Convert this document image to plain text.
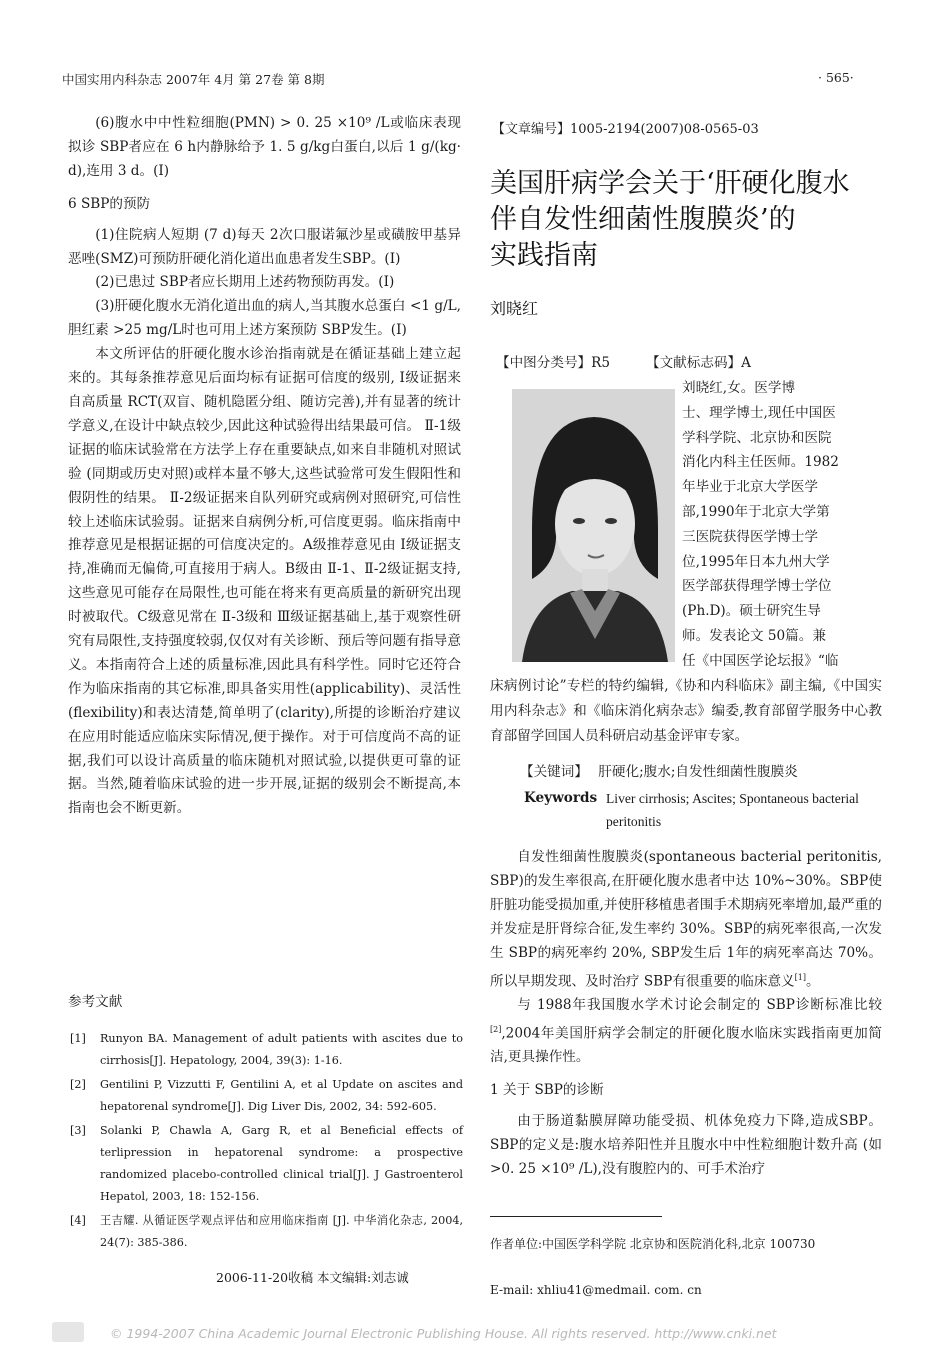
中国实用内科杂志 2007年 4月 第 27卷 第 8期	· 565·

(6)腹水中中性粒细胞(PMN) > 0. 25 ×10⁹ /L或临床表现拟诊 SBP者应在 6 h内静脉给予 1. 5 g/kg白蛋白,以后 1 g/(kg· d),连用 3 d。(Ⅰ)

6 SBP的预防

(1)住院病人短期 (7 d)每天 2次口服诺氟沙星或磺胺甲基异恶唑(SMZ)可预防肝硬化消化道出血患者发生SBP。(Ⅰ)

(2)已患过 SBP者应长期用上述药物预防再发。(Ⅰ)

(3)肝硬化腹水无消化道出血的病人,当其腹水总蛋白 <1 g/L,胆红素 >25 mg/L时也可用上述方案预防 SBP发生。(Ⅰ)

本文所评估的肝硬化腹水诊治指南就是在循证基础上建立起来的。其每条推荐意见后面均标有证据可信度的级别, Ⅰ级证据来自高质量 RCT(双盲、随机隐匿分组、随访完善),并有显著的统计学意义,在设计中缺点较少,因此这种试验得出结果最可信。 Ⅱ-1级证据的临床试验常在方法学上存在重要缺点,如来自非随机对照试验 (同期或历史对照)或样本量不够大,这些试验常可发生假阳性和假阴性的结果。 Ⅱ-2级证据来自队列研究或病例对照研究,可信性较上述临床试验弱。证据来自病例分析,可信度更弱。临床指南中推荐意见是根据证据的可信度决定的。A级推荐意见由 Ⅰ级证据支持,准确而无偏倚,可直接用于病人。B级由 Ⅱ-1、Ⅱ-2级证据支持,这些意见可能存在局限性,也可能在将来有更高质量的新研究出现时被取代。C级意见常在 Ⅱ-3级和 Ⅲ级证据基础上,基于观察性研究有局限性,支持强度较弱,仅仅对有关诊断、预后等问题有指导意义。本指南符合上述的质量标准,因此具有科学性。同时它还符合作为临床指南的其它标准,即具备实用性(applicability)、灵活性 (flexibility)和表达清楚,简单明了(clarity),所提的诊断治疗建议在应用时能适应临床实际情况,便于操作。对于可信度尚不高的证据,我们可以设计高质量的临床随机对照试验,以提供更可靠的证据。当然,随着临床试验的进一步开展,证据的级别会不断提高,本指南也会不断更新。

参考文献
[1] Runyon BA. Management of adult patients with ascites due to cirrhosis[J]. Hepatology, 2004, 39(3): 1-16.
[2] Gentilini P, Vizzutti F, Gentilini A, et al Update on ascites and hepatorenal syndrome[J]. Dig Liver Dis, 2002, 34: 592-605.
[3] Solanki P, Chawla A, Garg R, et al Beneficial effects of terlipression in hepatorenal syndrome: a prospective randomized placebo-controlled clinical trial[J]. J Gastroenterol Hepatol, 2003, 18: 152-156.
[4] 王吉耀. 从循证医学观点评估和应用临床指南 [J]. 中华消化杂志, 2004, 24(7): 385-386.
2006-11-20收稿 本文编辑:刘志诚
【文章编号】1005-2194(2007)08-0565-03
美国肝病学会关于‘肝硬化腹水
伴自发性细菌性腹膜炎’的
实践指南
刘晓红
【中图分类号】R5	【文献标志码】A
刘晓红,女。医学博
士、理学博士,现任中国医
学科学院、北京协和医院
消化内科主任医师。1982
年毕业于北京大学医学
部,1990年于北京大学第
三医院获得医学博士学
位,1995年日本九州大学
医学部获得理学博士学位
(Ph.D)。硕士研究生导
师。发表论文 50篇。兼
任《中国医学论坛报》“临
床病例讨论”专栏的特约编辑,《协和内科临床》副主编,《中国实用内科杂志》和《临床消化病杂志》编委,教育部留学服务中心教育部留学回国人员科研启动基金评审专家。
【关键词】 肝硬化;腹水;自发性细菌性腹膜炎
Keywords Liver cirrhosis; Ascites; Spontaneous bacterial peritonitis

自发性细菌性腹膜炎(spontaneous bacterial peritonitis, SBP)的发生率很高,在肝硬化腹水患者中达 10%~30%。SBP使肝脏功能受损加重,并使肝移植患者围手术期病死率增加,最严重的并发症是肝肾综合征,发生率约 30%。SBP的病死率很高,一次发生 SBP的病死率约 20%, SBP发生后 1年的病死率高达 70%。所以早期发现、及时治疗 SBP有很重要的临床意义[1]。

与 1988年我国腹水学术讨论会制定的 SBP诊断标准比较[2],2004年美国肝病学会制定的肝硬化腹水临床实践指南更加简洁,更具操作性。

1 关于 SBP的诊断

由于肠道黏膜屏障功能受损、机体免疫力下降,造成SBP。SBP的定义是:腹水培养阳性并且腹水中中性粒细胞计数升高 (如 >0. 25 ×10⁹ /L),没有腹腔内的、可手术治疗

作者单位:中国医学科学院 北京协和医院消化科,北京 100730
E-mail: xhliu41@medmail. com. cn
© 1994-2007 China Academic Journal Electronic Publishing House. All rights reserved. http://www.cnki.net
